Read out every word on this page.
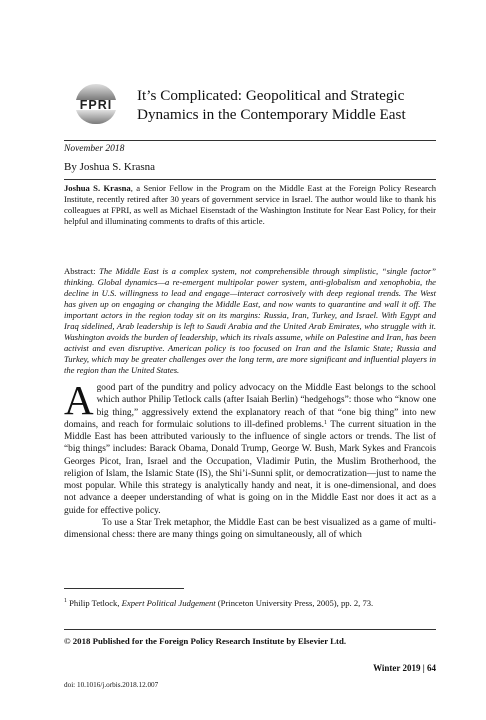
FPRI
It’s Complicated: Geopolitical and Strategic Dynamics in the Contemporary Middle East
November 2018
By Joshua S. Krasna
Joshua S. Krasna, a Senior Fellow in the Program on the Middle East at the Foreign Policy Research Institute, recently retired after 30 years of government service in Israel. The author would like to thank his colleagues at FPRI, as well as Michael Eisenstadt of the Washington Institute for Near East Policy, for their helpful and illuminating comments to drafts of this article.
Abstract: The Middle East is a complex system, not comprehensible through simplistic, “single factor” thinking. Global dynamics—a re-emergent multipolar power system, anti-globalism and xenophobia, the decline in U.S. willingness to lead and engage—interact corrosively with deep regional trends. The West has given up on engaging or changing the Middle East, and now wants to quarantine and wall it off. The important actors in the region today sit on its margins: Russia, Iran, Turkey, and Israel. With Egypt and Iraq sidelined, Arab leadership is left to Saudi Arabia and the United Arab Emirates, who struggle with it. Washington avoids the burden of leadership, which its rivals assume, while on Palestine and Iran, has been activist and even disruptive. American policy is too focused on Iran and the Islamic State; Russia and Turkey, which may be greater challenges over the long term, are more significant and influential players in the region than the United States.

Agood part of the punditry and policy advocacy on the Middle East belongs to the school which author Philip Tetlock calls (after Isaiah Berlin) “hedgehogs”: those who “know one big thing,” aggressively extend the explanatory reach of that “one big thing” into new domains, and reach for formulaic solutions to ill-defined problems.$^1$ The current situation in the Middle East has been attributed variously to the influence of single actors or trends. The list of “big things” includes: Barack Obama, Donald Trump, George W. Bush, Mark Sykes and Francois Georges Picot, Iran, Israel and the Occupation, Vladimir Putin, the Muslim Brotherhood, the religion of Islam, the Islamic State (IS), the Shi’i-Sunni split, or democratization—just to name the most popular. While this strategy is analytically handy and neat, it is one-dimensional, and does not advance a deeper understanding of what is going on in the Middle East nor does it act as a guide for effective policy.

To use a Star Trek metaphor, the Middle East can be best visualized as a game of multi-dimensional chess: there are many things going on simultaneously, all of which

$^1$ Philip Tetlock, Expert Political Judgement (Princeton University Press, 2005), pp. 2, 73.
© 2018 Published for the Foreign Policy Research Institute by Elsevier Ltd.
Winter 2019 | 64
doi: 10.1016/j.orbis.2018.12.007
